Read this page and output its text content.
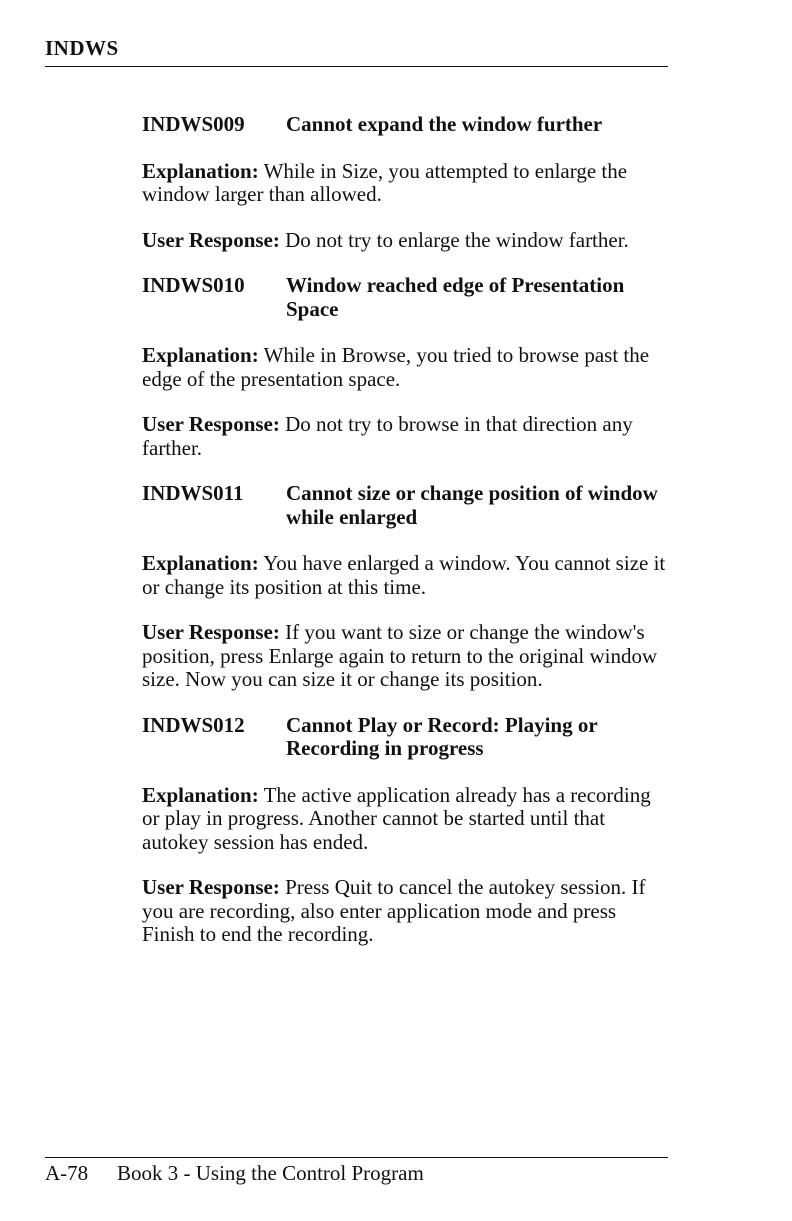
INDWS
INDWS009	Cannot expand the window further

Explanation: While in Size, you attempted to enlarge the window larger than allowed.

User Response: Do not try to enlarge the window farther.

INDWS010	Window reached edge of Presentation Space

Explanation: While in Browse, you tried to browse past the edge of the presentation space.

User Response: Do not try to browse in that direction any farther.

INDWS011	Cannot size or change position of window while enlarged

Explanation: You have enlarged a window. You cannot size it or change its position at this time.

User Response: If you want to size or change the window's position, press Enlarge again to return to the original window size. Now you can size it or change its position.

INDWS012	Cannot Play or Record: Playing or Recording in progress

Explanation: The active application already has a recording or play in progress. Another cannot be started until that autokey session has ended.

User Response: Press Quit to cancel the autokey session. If you are recording, also enter application mode and press Finish to end the recording.

A-78 Book 3 - Using the Control Program
